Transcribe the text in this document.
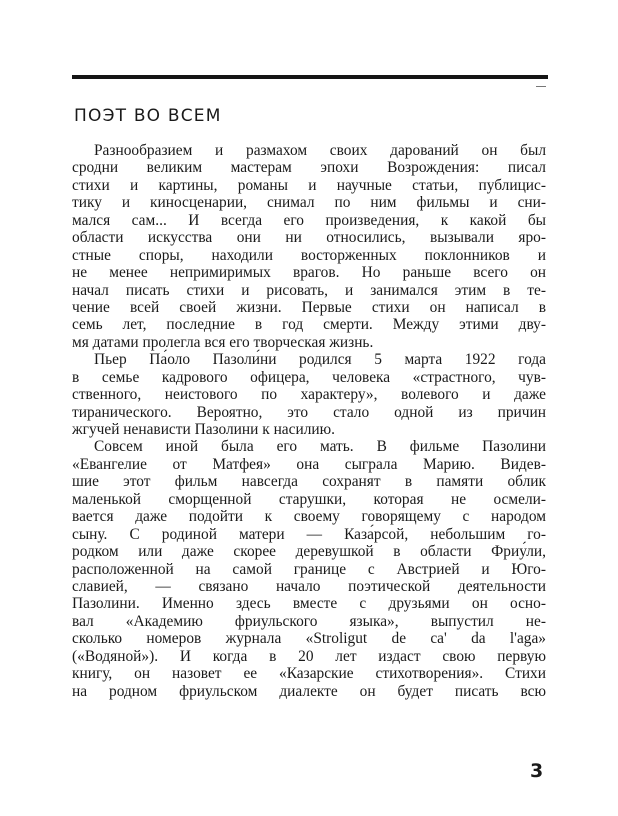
ПОЭТ ВО ВСЕМ
Разнообразием и размахом своих дарований он был
сродни великим мастерам эпохи Возрождения: писал
стихи и картины, романы и научные статьи, публицис-
тику и киносценарии, снимал по ним фильмы и сни-
мался сам... И всегда его произведения, к какой бы
области искусства они ни относились, вызывали яро-
стные споры, находили восторженных поклонников и
не менее непримиримых врагов. Но раньше всего он
начал писать стихи и рисовать, и занимался этим в те-
чение всей своей жизни. Первые стихи он написал в
семь лет, последние в год смерти. Между этими дву-
мя датами пролегла вся его творческая жизнь.
Пьер Па́оло Пазоли́ни родился 5 марта 1922 года
в семье кадрового офицера, человека «страстного, чув-
ственного, неистового по характеру», волевого и даже
тиранического. Вероятно, это стало одной из причин
жгучей ненависти Пазолини к насилию.
Совсем иной была его мать. В фильме Пазолини
«Евангелие от Матфея» она сыграла Марию. Видев-
шие этот фильм навсегда сохранят в памяти облик
маленькой сморщенной старушки, которая не осмели-
вается даже подойти к своему говорящему с народом
сыну. С родиной матери — Каза́рсой, небольшим го-
родком или даже скорее деревушкой в области Фриу́ли,
расположенной на самой границе с Австрией и Юго-
славией, — связано начало поэтической деятельности
Пазолини. Именно здесь вместе с друзьями он осно-
вал «Академию фриульского языка», выпустил не-
сколько номеров журнала «Stroligut de ca' da l'aga»
(«Водяной»). И когда в 20 лет издаст свою первую
книгу, он назовет ее «Казарские стихотворения». Стихи
на родном фриульском диалекте он будет писать всю
3
